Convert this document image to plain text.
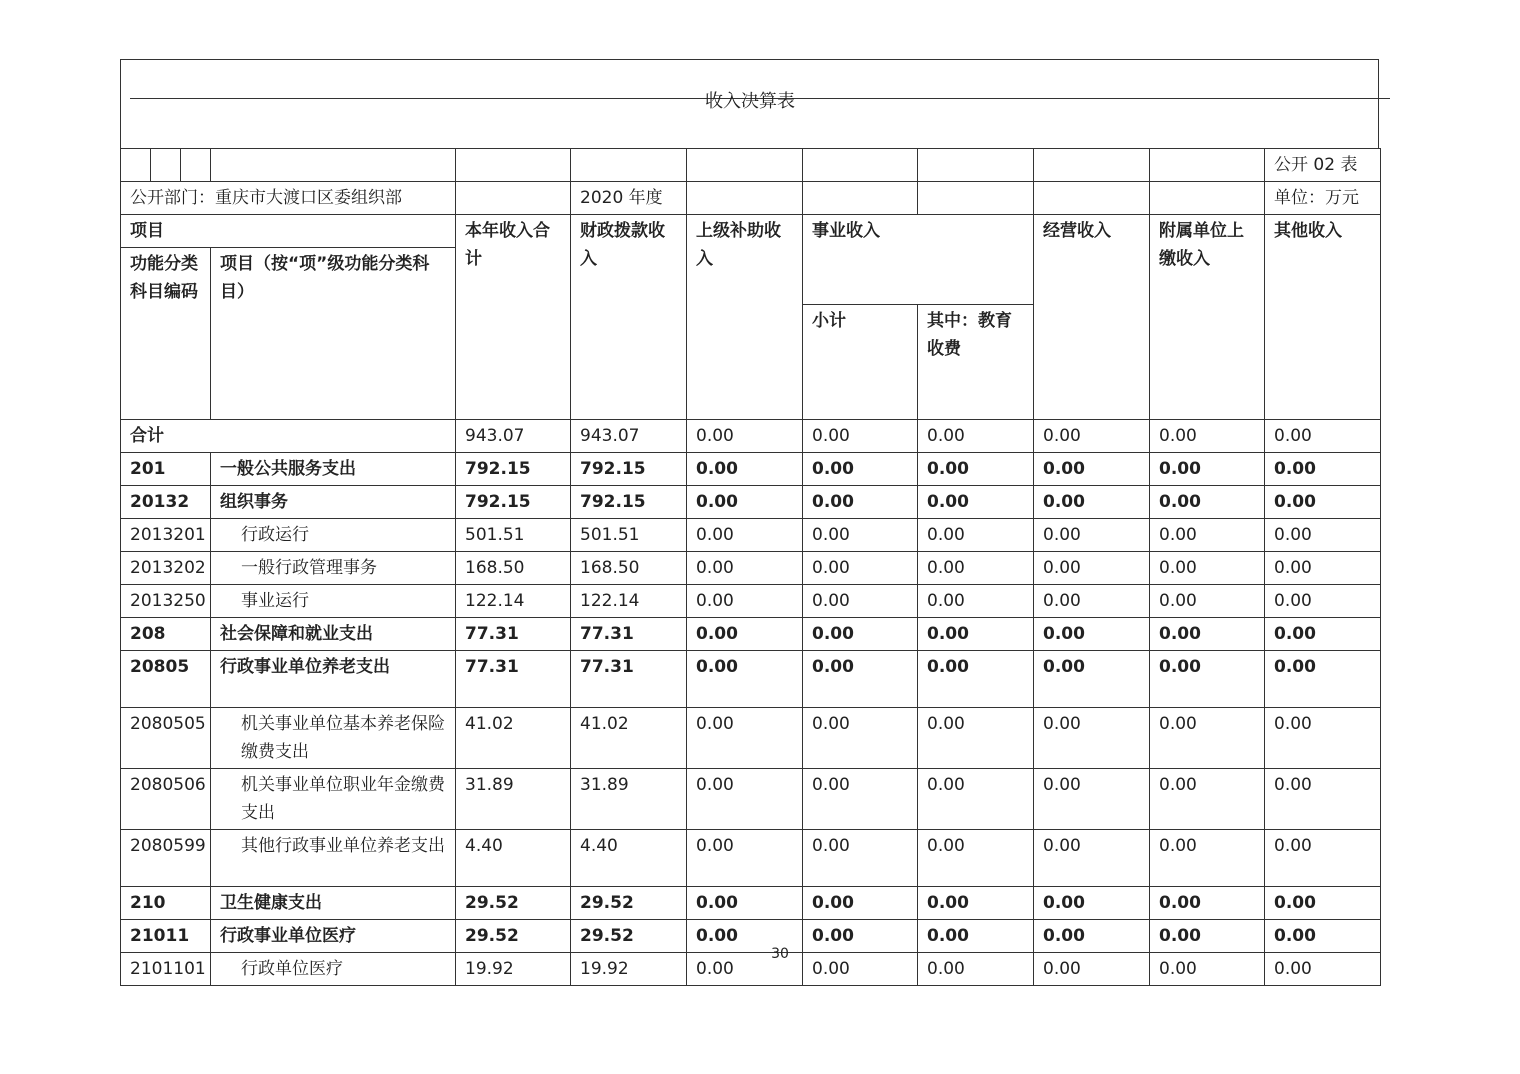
收入决算表
											公开 02 表
公开部门：重庆市大渡口区委组织部					2020 年度						单位：万元
项目				本年收入合计	财政拨款收入	上级补助收入	事业收入		经营收入	附属单位上缴收入	其他收入
功能分类科目编码			项目（按“项”级功能分类科目）								
							小计	其中：教育收费			
合计				943.07	943.07	0.00	0.00	0.00	0.00	0.00	0.00
201			一般公共服务支出	792.15	792.15	0.00	0.00	0.00	0.00	0.00	0.00
20132			组织事务	792.15	792.15	0.00	0.00	0.00	0.00	0.00	0.00
2013201			行政运行	501.51	501.51	0.00	0.00	0.00	0.00	0.00	0.00
2013202			一般行政管理事务	168.50	168.50	0.00	0.00	0.00	0.00	0.00	0.00
2013250			事业运行	122.14	122.14	0.00	0.00	0.00	0.00	0.00	0.00
208			社会保障和就业支出	77.31	77.31	0.00	0.00	0.00	0.00	0.00	0.00
20805			行政事业单位养老支出	77.31	77.31	0.00	0.00	0.00	0.00	0.00	0.00
2080505			机关事业单位基本养老保险缴费支出	41.02	41.02	0.00	0.00	0.00	0.00	0.00	0.00
2080506			机关事业单位职业年金缴费支出	31.89	31.89	0.00	0.00	0.00	0.00	0.00	0.00
2080599			其他行政事业单位养老支出	4.40	4.40	0.00	0.00	0.00	0.00	0.00	0.00
210			卫生健康支出	29.52	29.52	0.00	0.00	0.00	0.00	0.00	0.00
21011			行政事业单位医疗	29.52	29.52	0.00	0.00	0.00	0.00	0.00	0.00
2101101			行政单位医疗	19.92	19.92	0.00	0.00	0.00	0.00	0.00	0.00
30
